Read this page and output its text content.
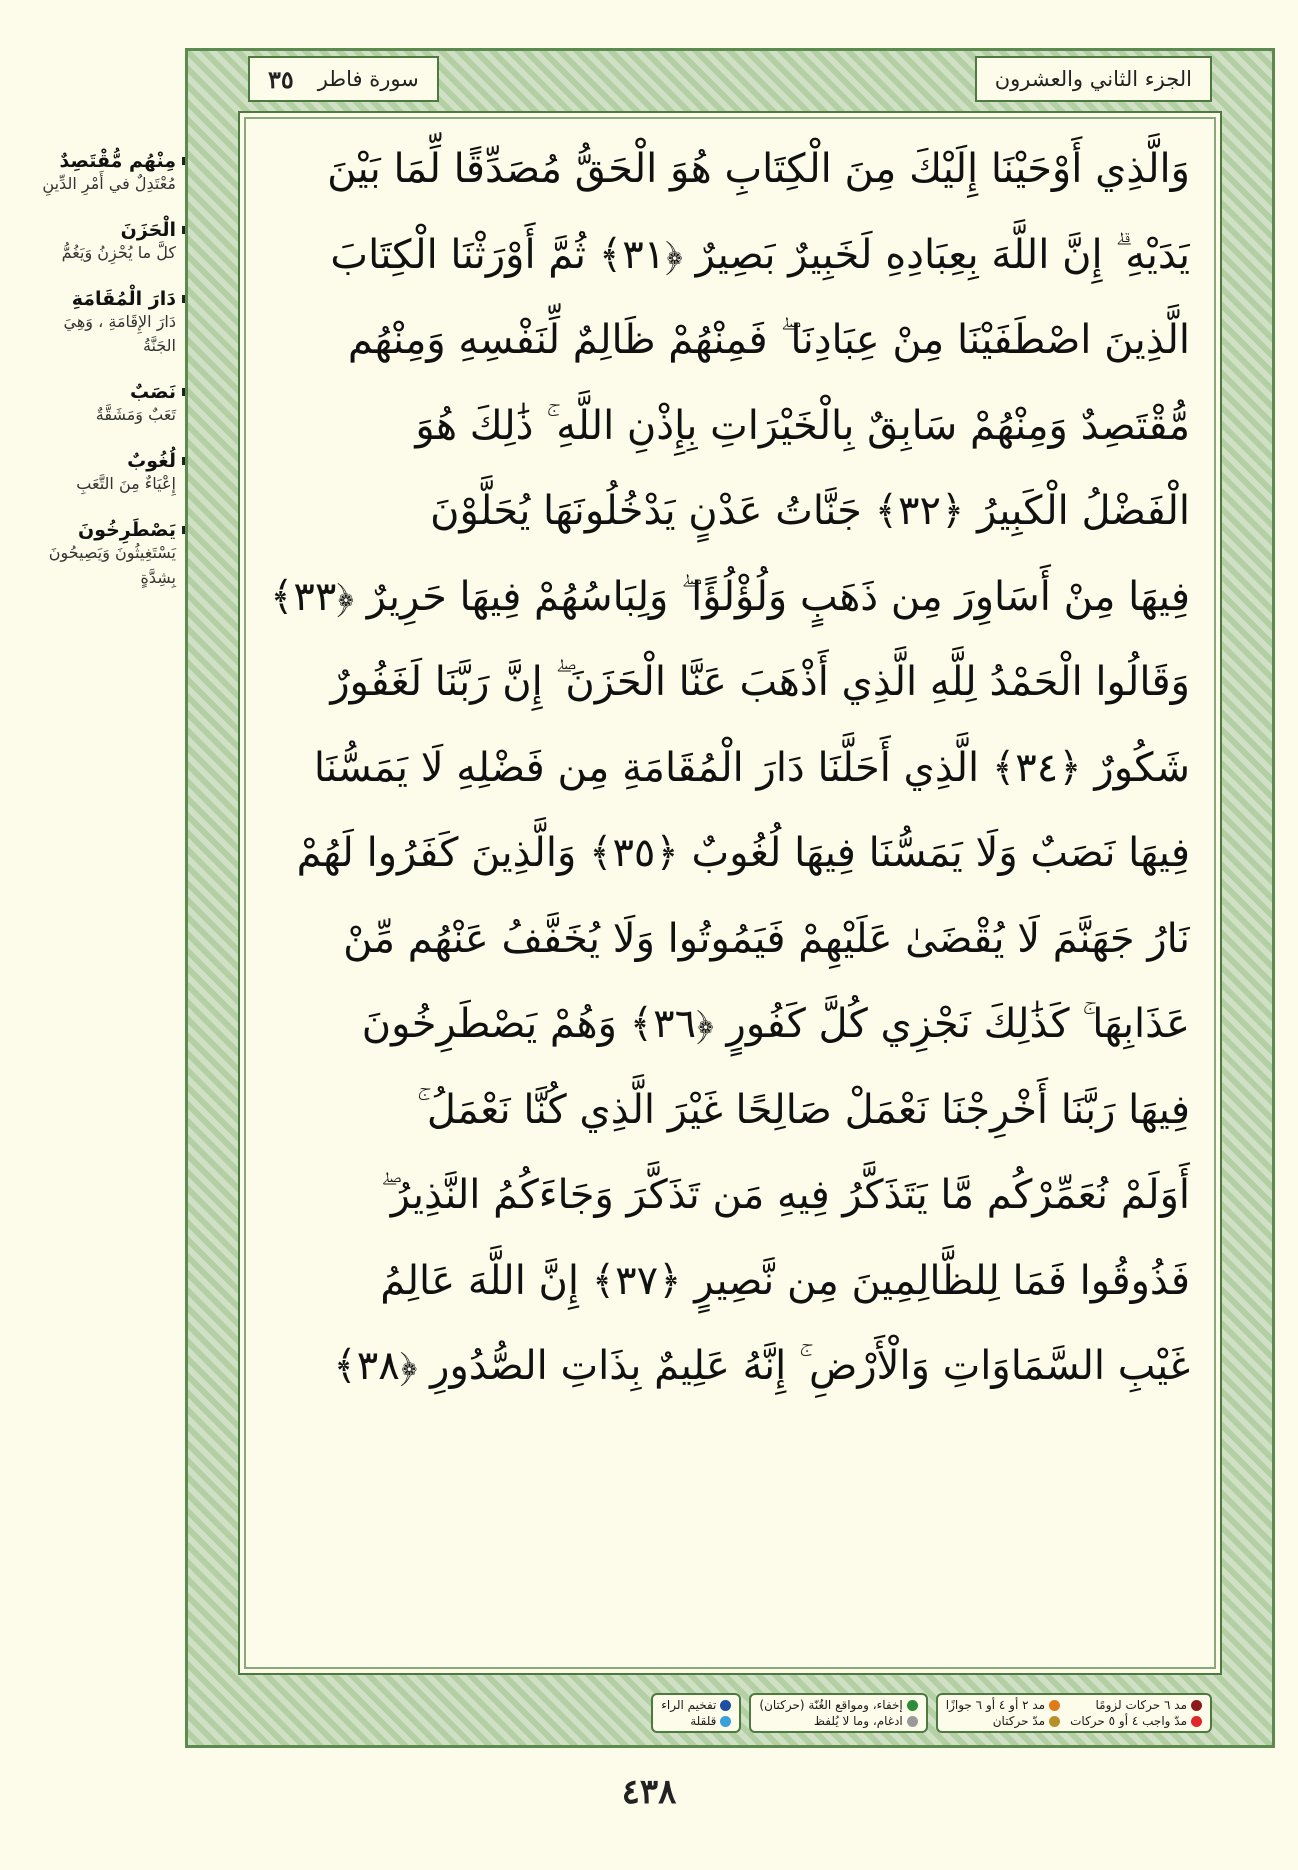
مِنْهُم مُّقْتَصِدٌ
مُعْتَدِلٌ في أَمْرِ الدِّينِ
الْحَزَنَ
كلَّ ما يُحْزِنُ وَيَغُمُّ
دَارَ الْمُقَامَةِ
دَارَ الإِقَامَةِ ، وَهِيَ الجَنَّةُ
نَصَبٌ
تَعَبٌ وَمَشَقَّةٌ
لُغُوبٌ
إِعْيَاءٌ مِنَ التَّعَبِ
يَصْطَرِخُونَ
يَسْتَغِيثُونَ وَيَصِيحُونَ بِشِدَّةٍ
سورة فاطر
٣٥	الجزء الثاني والعشرون
وَالَّذِي أَوْحَيْنَا إِلَيْكَ مِنَ الْكِتَابِ هُوَ الْحَقُّ مُصَدِّقًا لِّمَا بَيْنَ
يَدَيْهِ ۗ إِنَّ اللَّهَ بِعِبَادِهِ لَخَبِيرٌ بَصِيرٌ ﴿٣١﴾ ثُمَّ أَوْرَثْنَا الْكِتَابَ
الَّذِينَ اصْطَفَيْنَا مِنْ عِبَادِنَا ۖ فَمِنْهُمْ ظَالِمٌ لِّنَفْسِهِ وَمِنْهُم
مُّقْتَصِدٌ وَمِنْهُمْ سَابِقٌ بِالْخَيْرَاتِ بِإِذْنِ اللَّهِ ۚ ذَٰلِكَ هُوَ
الْفَضْلُ الْكَبِيرُ ﴿٣٢﴾ جَنَّاتُ عَدْنٍ يَدْخُلُونَهَا يُحَلَّوْنَ
فِيهَا مِنْ أَسَاوِرَ مِن ذَهَبٍ وَلُؤْلُؤًا ۖ وَلِبَاسُهُمْ فِيهَا حَرِيرٌ ﴿٣٣﴾
وَقَالُوا الْحَمْدُ لِلَّهِ الَّذِي أَذْهَبَ عَنَّا الْحَزَنَ ۖ إِنَّ رَبَّنَا لَغَفُورٌ
شَكُورٌ ﴿٣٤﴾ الَّذِي أَحَلَّنَا دَارَ الْمُقَامَةِ مِن فَضْلِهِ لَا يَمَسُّنَا
فِيهَا نَصَبٌ وَلَا يَمَسُّنَا فِيهَا لُغُوبٌ ﴿٣٥﴾ وَالَّذِينَ كَفَرُوا لَهُمْ
نَارُ جَهَنَّمَ لَا يُقْضَىٰ عَلَيْهِمْ فَيَمُوتُوا وَلَا يُخَفَّفُ عَنْهُم مِّنْ
عَذَابِهَا ۚ كَذَٰلِكَ نَجْزِي كُلَّ كَفُورٍ ﴿٣٦﴾ وَهُمْ يَصْطَرِخُونَ
فِيهَا رَبَّنَا أَخْرِجْنَا نَعْمَلْ صَالِحًا غَيْرَ الَّذِي كُنَّا نَعْمَلُ ۚ
أَوَلَمْ نُعَمِّرْكُم مَّا يَتَذَكَّرُ فِيهِ مَن تَذَكَّرَ وَجَاءَكُمُ النَّذِيرُ ۖ
فَذُوقُوا فَمَا لِلظَّالِمِينَ مِن نَّصِيرٍ ﴿٣٧﴾ إِنَّ اللَّهَ عَالِمُ
غَيْبِ السَّمَاوَاتِ وَالْأَرْضِ ۚ إِنَّهُ عَلِيمٌ بِذَاتِ الصُّدُورِ ﴿٣٨﴾
مد ٦ حركات لزومًا
مد ٢ أو ٤ أو ٦ جوازًا
مدّ واجب ٤ أو ٥ حركات
مدّ حركتان
إخفاء، ومواقع الغُنّة (حركتان)
ادغام، وما لا يُلفظ
تفخيم الراء
قلقلة
٤٣٨
